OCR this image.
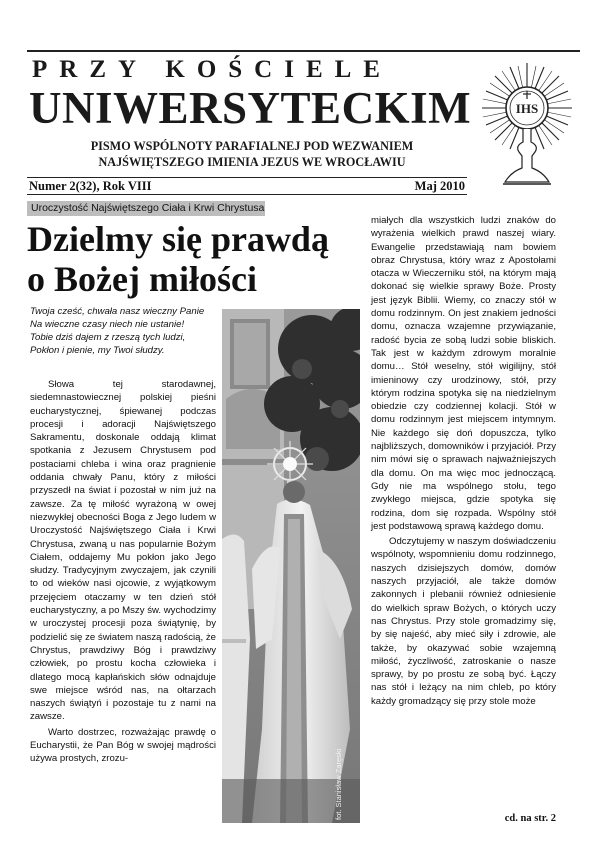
PRZY KOŚCIELE
UNIWERSYTECKIM
PISMO WSPÓLNOTY PARAFIALNEJ POD WEZWANIEM
NAJŚWIĘTSZEGO IMIENIA JEZUS WE WROCŁAWIU
IHS
Numer 2(32), Rok VIII	Maj 2010
Uroczystość Najświętszego Ciała i Krwi Chrystusa
Dzielmy się prawdą
o Bożej miłości
Twoja cześć, chwała nasz wieczny Panie
Na wieczne czasy niech nie ustanie!
Tobie dziś dajem z rzeszą tych ludzi,
Pokłon i pienie, my Twoi słudzy.

Słowa tej starodawnej, siedemnastowiecznej polskiej pieśni eucharystycznej, śpiewanej podczas procesji i adoracji Najświętszego Sakramentu, doskonale oddają klimat spotkania z Jezusem Chrystusem pod postaciami chleba i wina oraz pragnienie oddania chwały Panu, który z miłości przyszedł na świat i pozostał w nim już na zawsze. Za tę miłość wyrażoną w owej niezwykłej obecności Boga z Jego ludem w Uroczystość Najświętszego Ciała i Krwi Chrystusa, zwaną u nas popularnie Bożym Ciałem, oddajemy Mu pokłon jako Jego słudzy. Tradycyjnym zwyczajem, jak czynili to od wieków nasi ojcowie, z wyjątkowym przejęciem otaczamy w ten dzień stół eucharystyczny, a po Mszy św. wychodzimy w uroczystej procesji poza świątynię, by podzielić się ze światem naszą radością, że Chrystus, prawdziwy Bóg i prawdziwy człowiek, po prostu kocha człowieka i dlatego mocą kapłańskich słów odnajduje swe miejsce wśród nas, na ołtarzach naszych świątyń i pozostaje tu z nami na zawsze.

Warto dostrzec, rozważając prawdę o Eucharystii, że Pan Bóg w swojej mądrości używa prostych, zrozu-	fot. Stanisław Zaręski

miałych dla wszystkich ludzi znaków do wyrażenia wielkich prawd naszej wiary. Ewangelie przedstawiają nam bowiem obraz Chrystusa, który wraz z Apostołami otacza w Wieczerniku stół, na którym mają dokonać się wielkie sprawy Boże. Prosty jest język Biblii. Wiemy, co znaczy stół w domu rodzinnym. On jest znakiem jedności domu, oznacza wzajemne przywiązanie, radość bycia ze sobą ludzi sobie bliskich. Tak jest w każdym zdrowym moralnie domu… Stół weselny, stół wigilijny, stół imieninowy czy urodzinowy, stół, przy którym rodzina spotyka się na niedzielnym obiedzie czy codziennej kolacji. Stół w domu rodzinnym jest miejscem intymnym. Nie każdego się doń dopuszcza, tylko najbliższych, domowników i przyjaciół. Przy nim mówi się o sprawach najważniejszych dla domu. On ma więc moc jednoczącą. Gdy nie ma wspólnego stołu, tego zwykłego miejsca, gdzie spotyka się rodzina, dom się rozpada. Wspólny stół jest podstawową sprawą każdego domu.

Odczytujemy w naszym doświadczeniu wspólnoty, wspomnieniu domu rodzinnego, naszych dzisiejszych domów, domów naszych przyjaciół, ale także domów zakonnych i plebanii również odniesienie do wielkich spraw Bożych, o których uczy nas Chrystus. Przy stole gromadzimy się, by się najeść, aby mieć siły i zdrowie, ale także, by okazywać sobie wzajemną miłość, życzliwość, zatroskanie o nasze sprawy, by po prostu ze sobą być. Łączy nas stół i leżący na nim chleb, po który każdy gromadzący się przy stole może

cd. na str. 2
